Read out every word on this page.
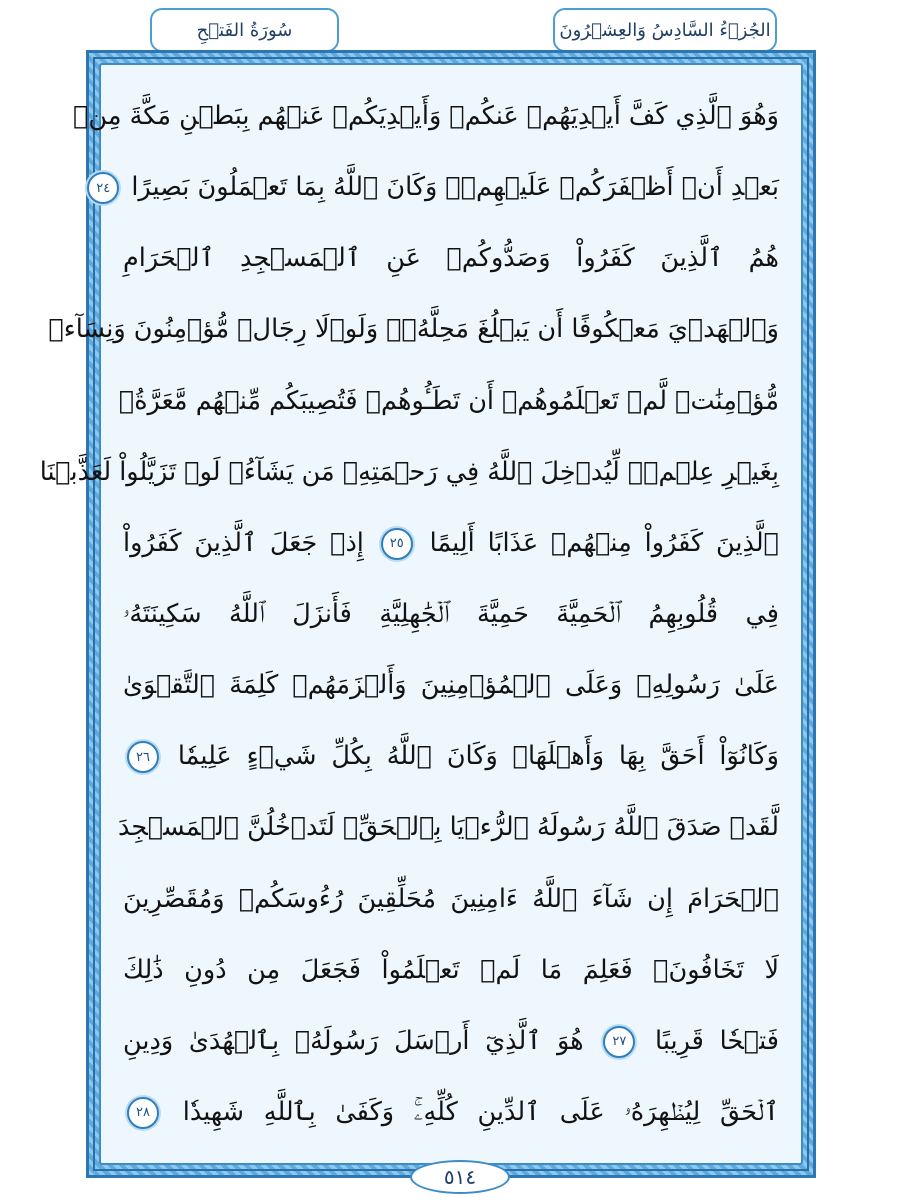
سُورَةُ الفَتۡحِ	الجُزۡءُ السَّادِسُ وَالعِشۡرُونَ
وَهُوَ ٱلَّذِي كَفَّ أَيۡدِيَهُمۡ عَنكُمۡ وَأَيۡدِيَكُمۡ عَنۡهُم بِبَطۡنِ مَكَّةَ مِنۢ
بَعۡدِ أَنۡ أَظۡفَرَكُمۡ عَلَيۡهِمۡۚ وَكَانَ ٱللَّهُ بِمَا تَعۡمَلُونَ بَصِيرًا ٢٤
هُمُ ٱلَّذِينَ كَفَرُواْ وَصَدُّوكُمۡ عَنِ ٱلۡمَسۡجِدِ ٱلۡحَرَامِ
وَٱلۡهَدۡيَ مَعۡكُوفًا أَن يَبۡلُغَ مَحِلَّهُۥۚ وَلَوۡلَا رِجَالٞ مُّؤۡمِنُونَ وَنِسَآءٞ
مُّؤۡمِنَٰتٞ لَّمۡ تَعۡلَمُوهُمۡ أَن تَطَـُٔوهُمۡ فَتُصِيبَكُم مِّنۡهُم مَّعَرَّةُۢ
بِغَيۡرِ عِلۡمٖۖ لِّيُدۡخِلَ ٱللَّهُ فِي رَحۡمَتِهِۦ مَن يَشَآءُۚ لَوۡ تَزَيَّلُواْ لَعَذَّبۡنَا
ٱلَّذِينَ كَفَرُواْ مِنۡهُمۡ عَذَابًا أَلِيمًا ٢٥ إِذۡ جَعَلَ ٱلَّذِينَ كَفَرُواْ
فِي قُلُوبِهِمُ ٱلۡحَمِيَّةَ حَمِيَّةَ ٱلۡجَٰهِلِيَّةِ فَأَنزَلَ ٱللَّهُ سَكِينَتَهُۥ
عَلَىٰ رَسُولِهِۦ وَعَلَى ٱلۡمُؤۡمِنِينَ وَأَلۡزَمَهُمۡ كَلِمَةَ ٱلتَّقۡوَىٰ
وَكَانُوٓاْ أَحَقَّ بِهَا وَأَهۡلَهَاۚ وَكَانَ ٱللَّهُ بِكُلِّ شَيۡءٍ عَلِيمٗا ٢٦
لَّقَدۡ صَدَقَ ٱللَّهُ رَسُولَهُ ٱلرُّءۡيَا بِٱلۡحَقِّۖ لَتَدۡخُلُنَّ ٱلۡمَسۡجِدَ
ٱلۡحَرَامَ إِن شَآءَ ٱللَّهُ ءَامِنِينَ مُحَلِّقِينَ رُءُوسَكُمۡ وَمُقَصِّرِينَ
لَا تَخَافُونَۖ فَعَلِمَ مَا لَمۡ تَعۡلَمُواْ فَجَعَلَ مِن دُونِ ذَٰلِكَ
فَتۡحٗا قَرِيبًا ٢٧ هُوَ ٱلَّذِيٓ أَرۡسَلَ رَسُولَهُۥ بِٱلۡهُدَىٰ وَدِينِ
ٱلۡحَقِّ لِيُظۡهِرَهُۥ عَلَى ٱلدِّينِ كُلِّهِۦۚ وَكَفَىٰ بِٱللَّهِ شَهِيدٗا ٢٨
٥١٤
